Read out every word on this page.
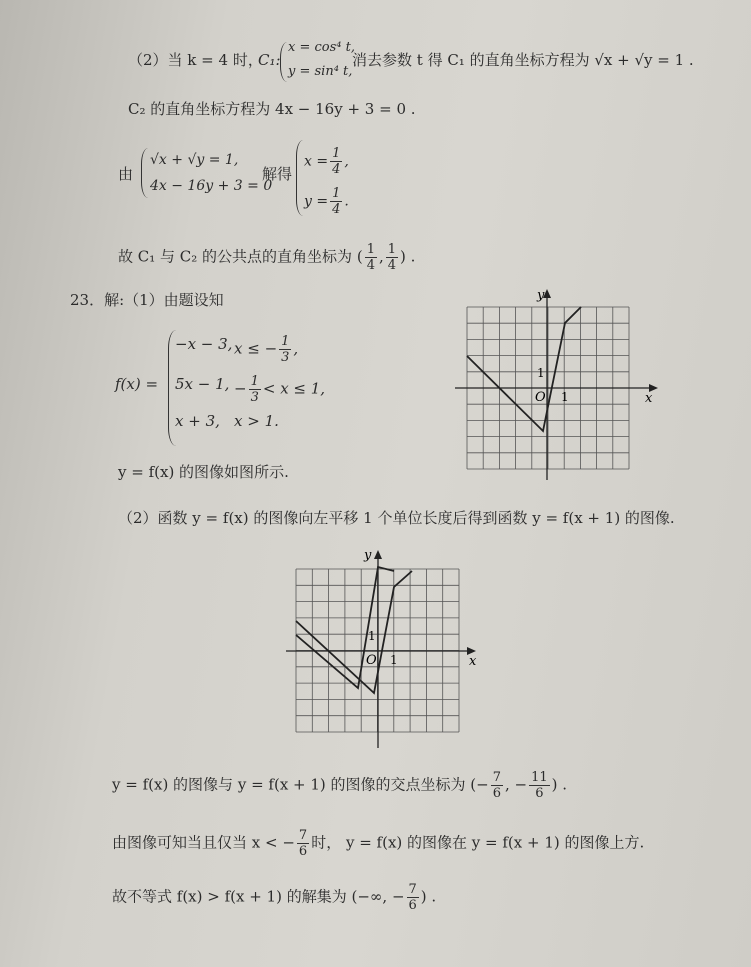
（2）当 k = 4 时，
C₁:
x = cos⁴ t,
y = sin⁴ t,
消去参数 t 得 C₁ 的直角坐标方程为 √x + √y = 1 .
C₂ 的直角坐标方程为 4x − 16y + 3 = 0 .
由
√x + √y = 1,
4x − 16y + 3 = 0
解得
$x = \frac{1}{4}$ ,
$y = \frac{1}{4}$ .
故 C₁ 与 C₂ 的公共点的直角坐标为 ( $\frac{1}{4}$ , $\frac{1}{4}$ ) .
23．解:（1）由题设知
f(x) =
−x − 3, x ≤ − $\frac{1}{3}$ ,
5x − 1, − $\frac{1}{3} < x \le 1$,
x + 3, x > 1.
y = f(x) 的图像如图所示.
y
x
O 1
1
（2）函数 y = f(x) 的图像向左平移 1 个单位长度后得到函数 y = f(x + 1) 的图像.
y
x
O 1
1
y = f(x) 的图像与 y = f(x + 1) 的图像的交点坐标为 (− $\frac{7}{6}$ , − $\frac{11}{6}$ ) .
由图像可知当且仅当 x < − $\frac{7}{6}$ 时， y = f(x) 的图像在 y = f(x + 1) 的图像上方.
故不等式 f(x) > f(x + 1) 的解集为 (−∞, − $\frac{7}{6}$ ) .
